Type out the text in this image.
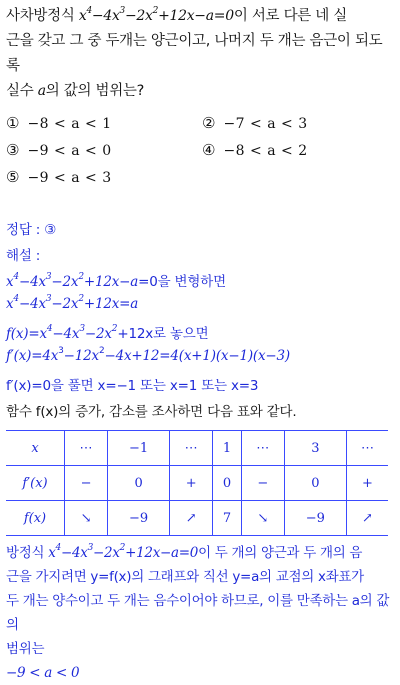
사차방정식 $x^4-4x^3-2x^2+12x-a=0$이 서로 다른 네 실
근을 갖고 그 중 두개는 양근이고, 나머지 두 개는 음근이 되도록
실수 a의 값의 범위는?
① −8 < a < 1	② −7 < a < 3
③ −9 < a < 0	④ −8 < a < 2
⑤ −9 < a < 3
정답 : ③
해설 :
$x^4-4x^3-2x^2+12x-a=0$을 변형하면
$x^4-4x^3-2x^2+12x=a$
$f(x)=x^4-4x^3-2x^2+12x$로 놓으면
$f'(x)=4x^3-12x^2-4x+12=4(x+1)(x-1)(x-3)$
f′(x)=0을 풀면 x=−1 또는 x=1 또는 x=3
함수 f(x)의 증가, 감소를 조사하면 다음 표와 같다.
x	⋯	−1	⋯	1	⋯	3	⋯
f′(x)	−	0	+	0	−	0	+
f(x)	↘	−9	↗	7	↘	−9	↗
방정식 $x^4-4x^3-2x^2+12x-a=0$이 두 개의 양근과 두 개의 음
근을 가지려면 y=f(x)의 그래프와 직선 y=a의 교점의 x좌표가
두 개는 양수이고 두 개는 음수이어야 하므로, 이를 만족하는 a의 값의
범위는
−9 < a < 0
